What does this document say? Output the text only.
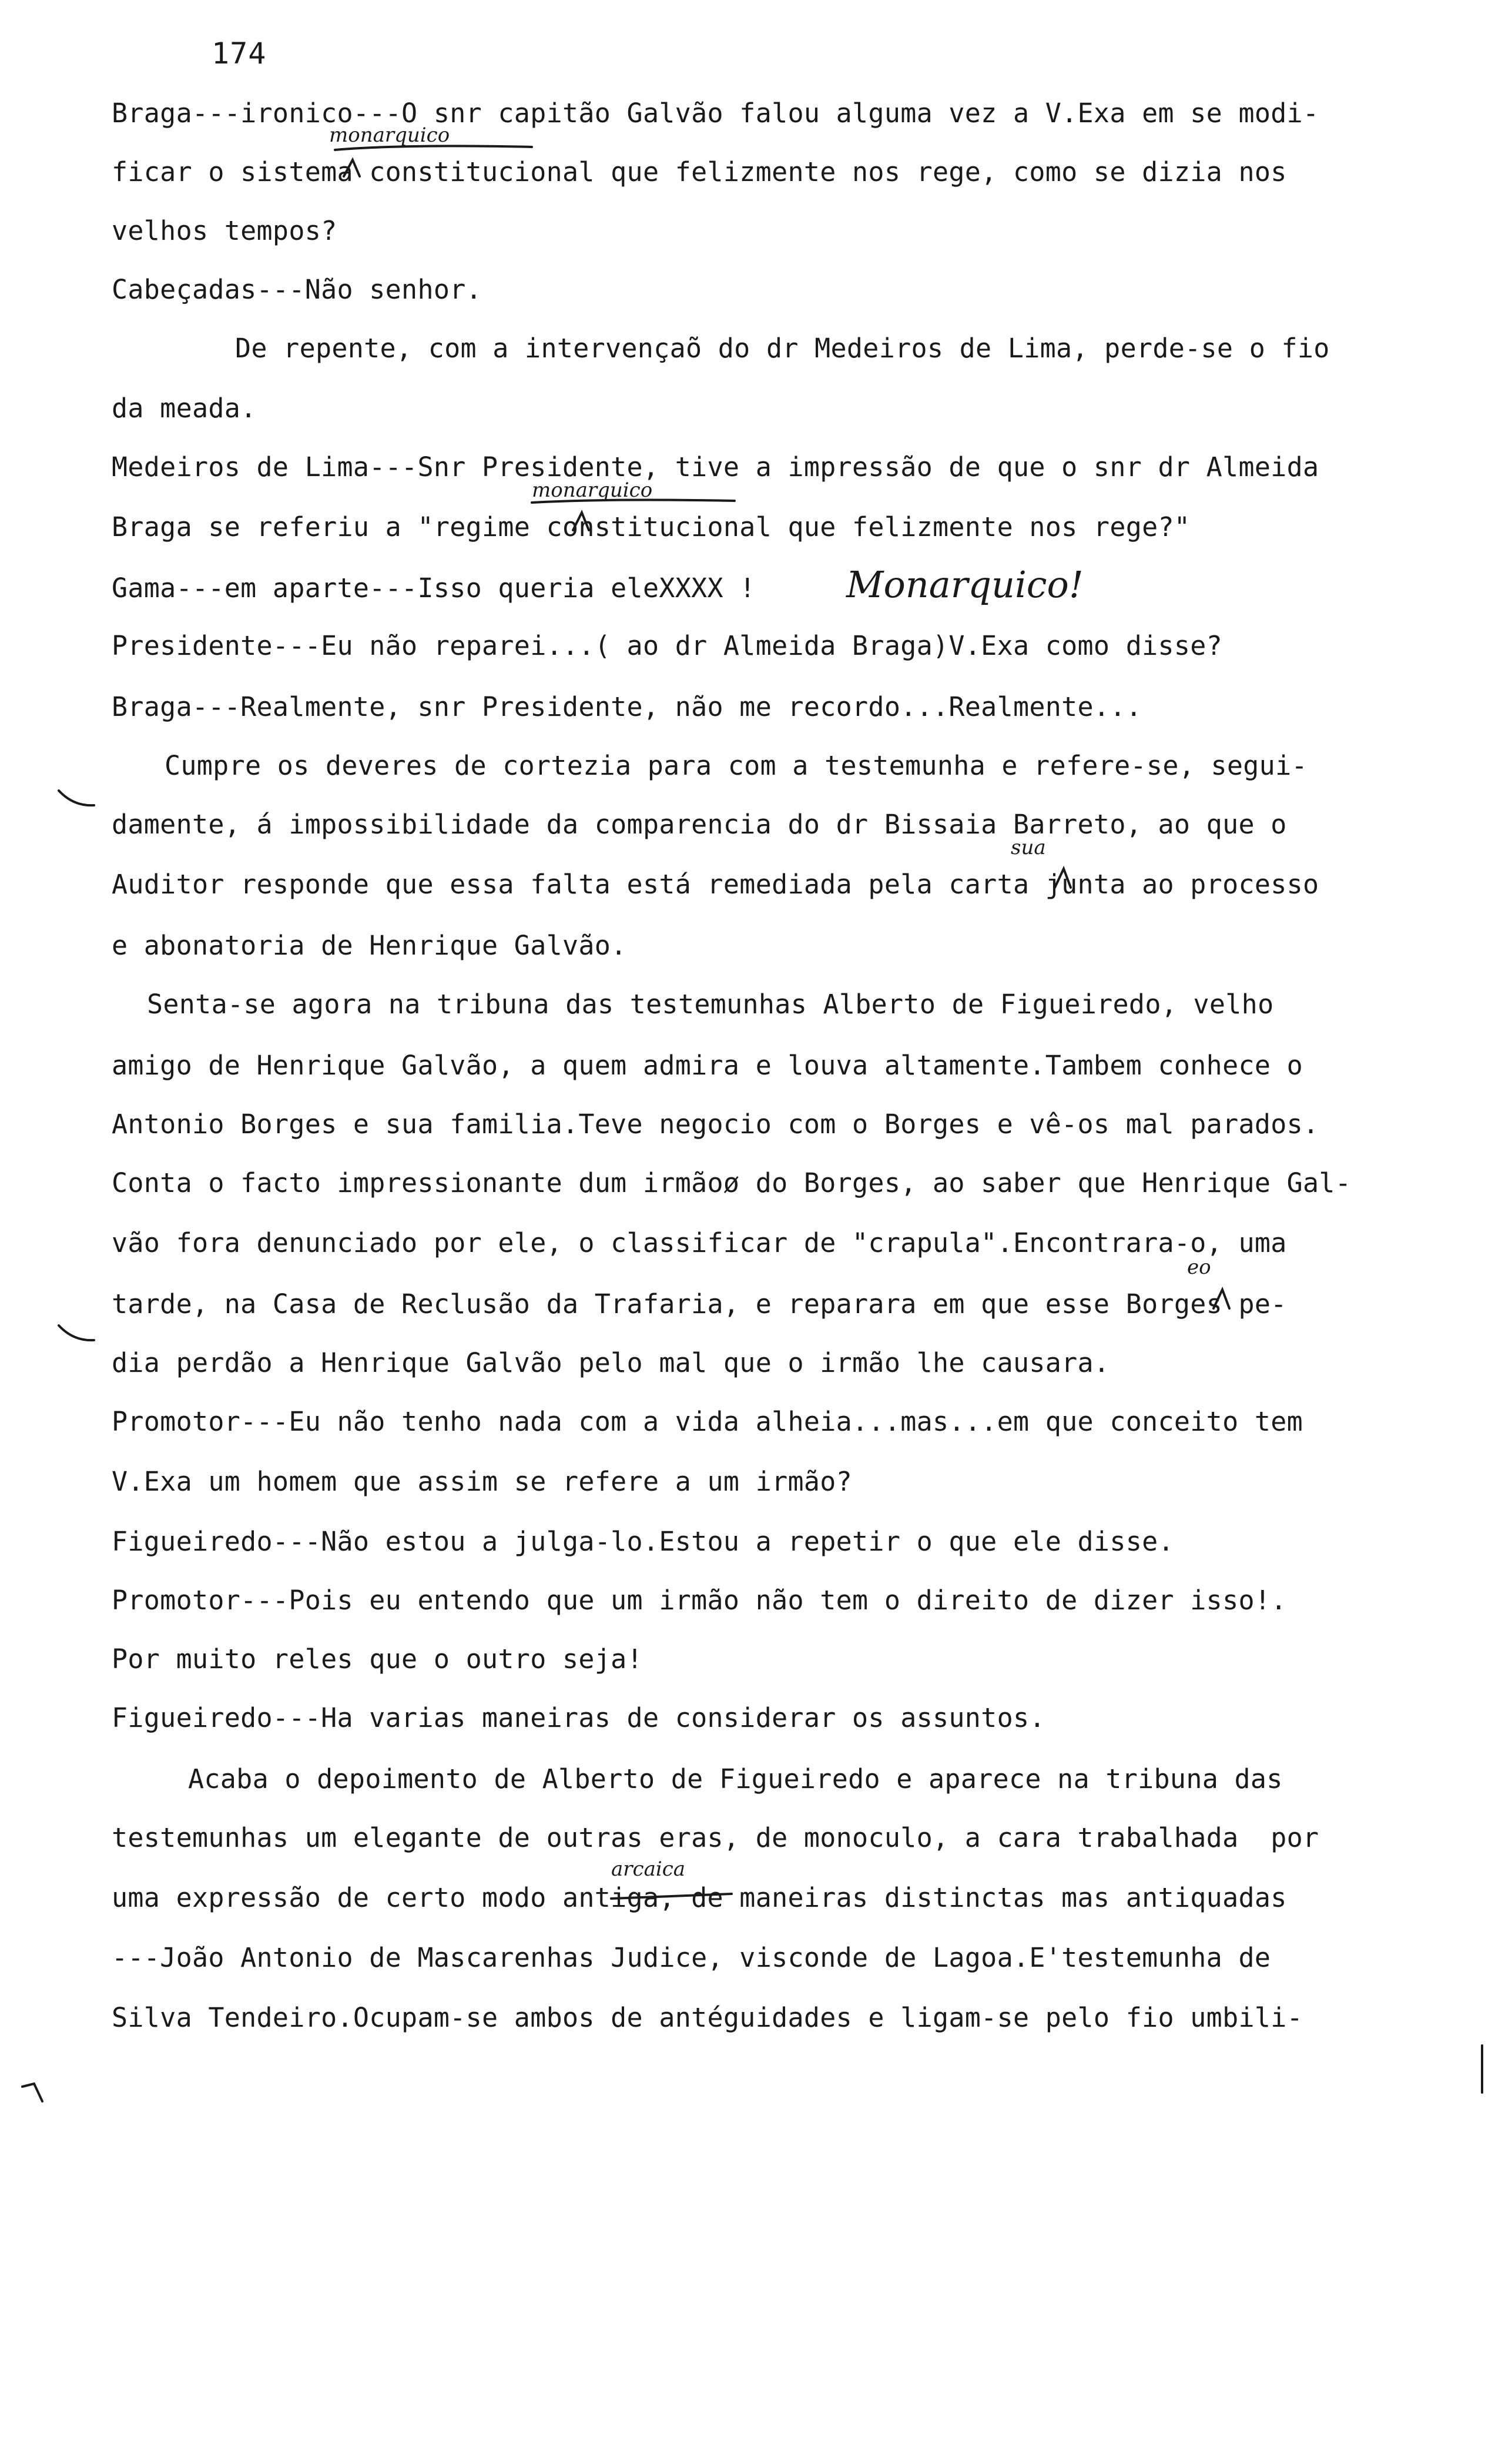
174
Braga---ironico---O snr capitão Galvão falou alguma vez a V.Exa em se modi-
ficar o sistema constitucional que felizmente nos rege, como se dizia nos
velhos tempos?
Cabeçadas---Não senhor.
De repente, com a intervençaõ do dr Medeiros de Lima, perde-se o fio
da meada.
Medeiros de Lima---Snr Presidente, tive a impressão de que o snr dr Almeida
Braga se referiu a "regime constitucional que felizmente nos rege?"
Gama---em aparte---Isso queria eleXXXX !
Presidente---Eu não reparei...( ao dr Almeida Braga)V.Exa como disse?
Braga---Realmente, snr Presidente, não me recordo...Realmente...
Cumpre os deveres de cortezia para com a testemunha e refere-se, segui-
damente, á impossibilidade da comparencia do dr Bissaia Barreto, ao que o
Auditor responde que essa falta está remediada pela carta junta ao processo
e abonatoria de Henrique Galvão.
Senta-se agora na tribuna das testemunhas Alberto de Figueiredo, velho
amigo de Henrique Galvão, a quem admira e louva altamente.Tambem conhece o
Antonio Borges e sua familia.Teve negocio com o Borges e vê-os mal parados.
Conta o facto impressionante dum irmãoø do Borges, ao saber que Henrique Gal-
vão fora denunciado por ele, o classificar de "crapula".Encontrara-o, uma
tarde, na Casa de Reclusão da Trafaria, e reparara em que esse Borges pe-
dia perdão a Henrique Galvão pelo mal que o irmão lhe causara.
Promotor---Eu não tenho nada com a vida alheia...mas...em que conceito tem
V.Exa um homem que assim se refere a um irmão?
Figueiredo---Não estou a julga-lo.Estou a repetir o que ele disse.
Promotor---Pois eu entendo que um irmão não tem o direito de dizer isso!.
Por muito reles que o outro seja!
Figueiredo---Ha varias maneiras de considerar os assuntos.
Acaba o depoimento de Alberto de Figueiredo e aparece na tribuna das
testemunhas um elegante de outras eras, de monoculo, a cara trabalhada  por
uma expressão de certo modo antiga, de maneiras distinctas mas antiquadas
---João Antonio de Mascarenhas Judice, visconde de Lagoa.E'testemunha de
Silva Tendeiro.Ocupam-se ambos de antéguidades e ligam-se pelo fio umbili-
monarquico
monarquico
Monarquico!
sua
eo
arcaica
